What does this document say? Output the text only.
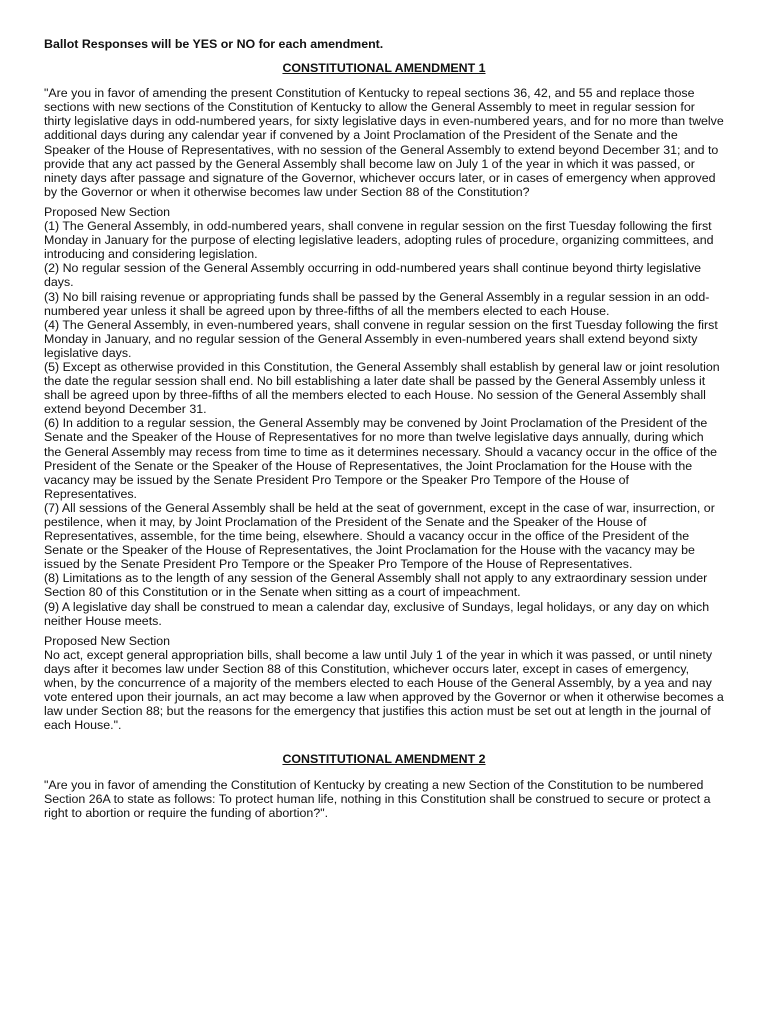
Ballot Responses will be YES or NO for each amendment.

CONSTITUTIONAL AMENDMENT 1

"Are you in favor of amending the present Constitution of Kentucky to repeal sections 36, 42, and 55 and replace those sections with new sections of the Constitution of Kentucky to allow the General Assembly to meet in regular session for thirty legislative days in odd-numbered years, for sixty legislative days in even-numbered years, and for no more than twelve additional days during any calendar year if convened by a Joint Proclamation of the President of the Senate and the Speaker of the House of Representatives, with no session of the General Assembly to extend beyond December 31; and to provide that any act passed by the General Assembly shall become law on July 1 of the year in which it was passed, or ninety days after passage and signature of the Governor, whichever occurs later, or in cases of emergency when approved by the Governor or when it otherwise becomes law under Section 88 of the Constitution?

Proposed New Section

(1) The General Assembly, in odd-numbered years, shall convene in regular session on the first Tuesday following the first Monday in January for the purpose of electing legislative leaders, adopting rules of procedure, organizing committees, and introducing and considering legislation.

(2) No regular session of the General Assembly occurring in odd-numbered years shall continue beyond thirty legislative days.

(3) No bill raising revenue or appropriating funds shall be passed by the General Assembly in a regular session in an odd-numbered year unless it shall be agreed upon by three-fifths of all the members elected to each House.

(4) The General Assembly, in even-numbered years, shall convene in regular session on the first Tuesday following the first Monday in January, and no regular session of the General Assembly in even-numbered years shall extend beyond sixty legislative days.

(5) Except as otherwise provided in this Constitution, the General Assembly shall establish by general law or joint resolution the date the regular session shall end. No bill establishing a later date shall be passed by the General Assembly unless it shall be agreed upon by three-fifths of all the members elected to each House. No session of the General Assembly shall extend beyond December 31.

(6) In addition to a regular session, the General Assembly may be convened by Joint Proclamation of the President of the Senate and the Speaker of the House of Representatives for no more than twelve legislative days annually, during which the General Assembly may recess from time to time as it determines necessary. Should a vacancy occur in the office of the President of the Senate or the Speaker of the House of Representatives, the Joint Proclamation for the House with the vacancy may be issued by the Senate President Pro Tempore or the Speaker Pro Tempore of the House of Representatives.

(7) All sessions of the General Assembly shall be held at the seat of government, except in the case of war, insurrection, or pestilence, when it may, by Joint Proclamation of the President of the Senate and the Speaker of the House of Representatives, assemble, for the time being, elsewhere. Should a vacancy occur in the office of the President of the Senate or the Speaker of the House of Representatives, the Joint Proclamation for the House with the vacancy may be issued by the Senate President Pro Tempore or the Speaker Pro Tempore of the House of Representatives.

(8) Limitations as to the length of any session of the General Assembly shall not apply to any extraordinary session under Section 80 of this Constitution or in the Senate when sitting as a court of impeachment.

(9) A legislative day shall be construed to mean a calendar day, exclusive of Sundays, legal holidays, or any day on which neither House meets.

Proposed New Section

No act, except general appropriation bills, shall become a law until July 1 of the year in which it was passed, or until ninety days after it becomes law under Section 88 of this Constitution, whichever occurs later, except in cases of emergency, when, by the concurrence of a majority of the members elected to each House of the General Assembly, by a yea and nay vote entered upon their journals, an act may become a law when approved by the Governor or when it otherwise becomes a law under Section 88; but the reasons for the emergency that justifies this action must be set out at length in the journal of each House.".

CONSTITUTIONAL AMENDMENT 2

"Are you in favor of amending the Constitution of Kentucky by creating a new Section of the Constitution to be numbered Section 26A to state as follows: To protect human life, nothing in this Constitution shall be construed to secure or protect a right to abortion or require the funding of abortion?".
